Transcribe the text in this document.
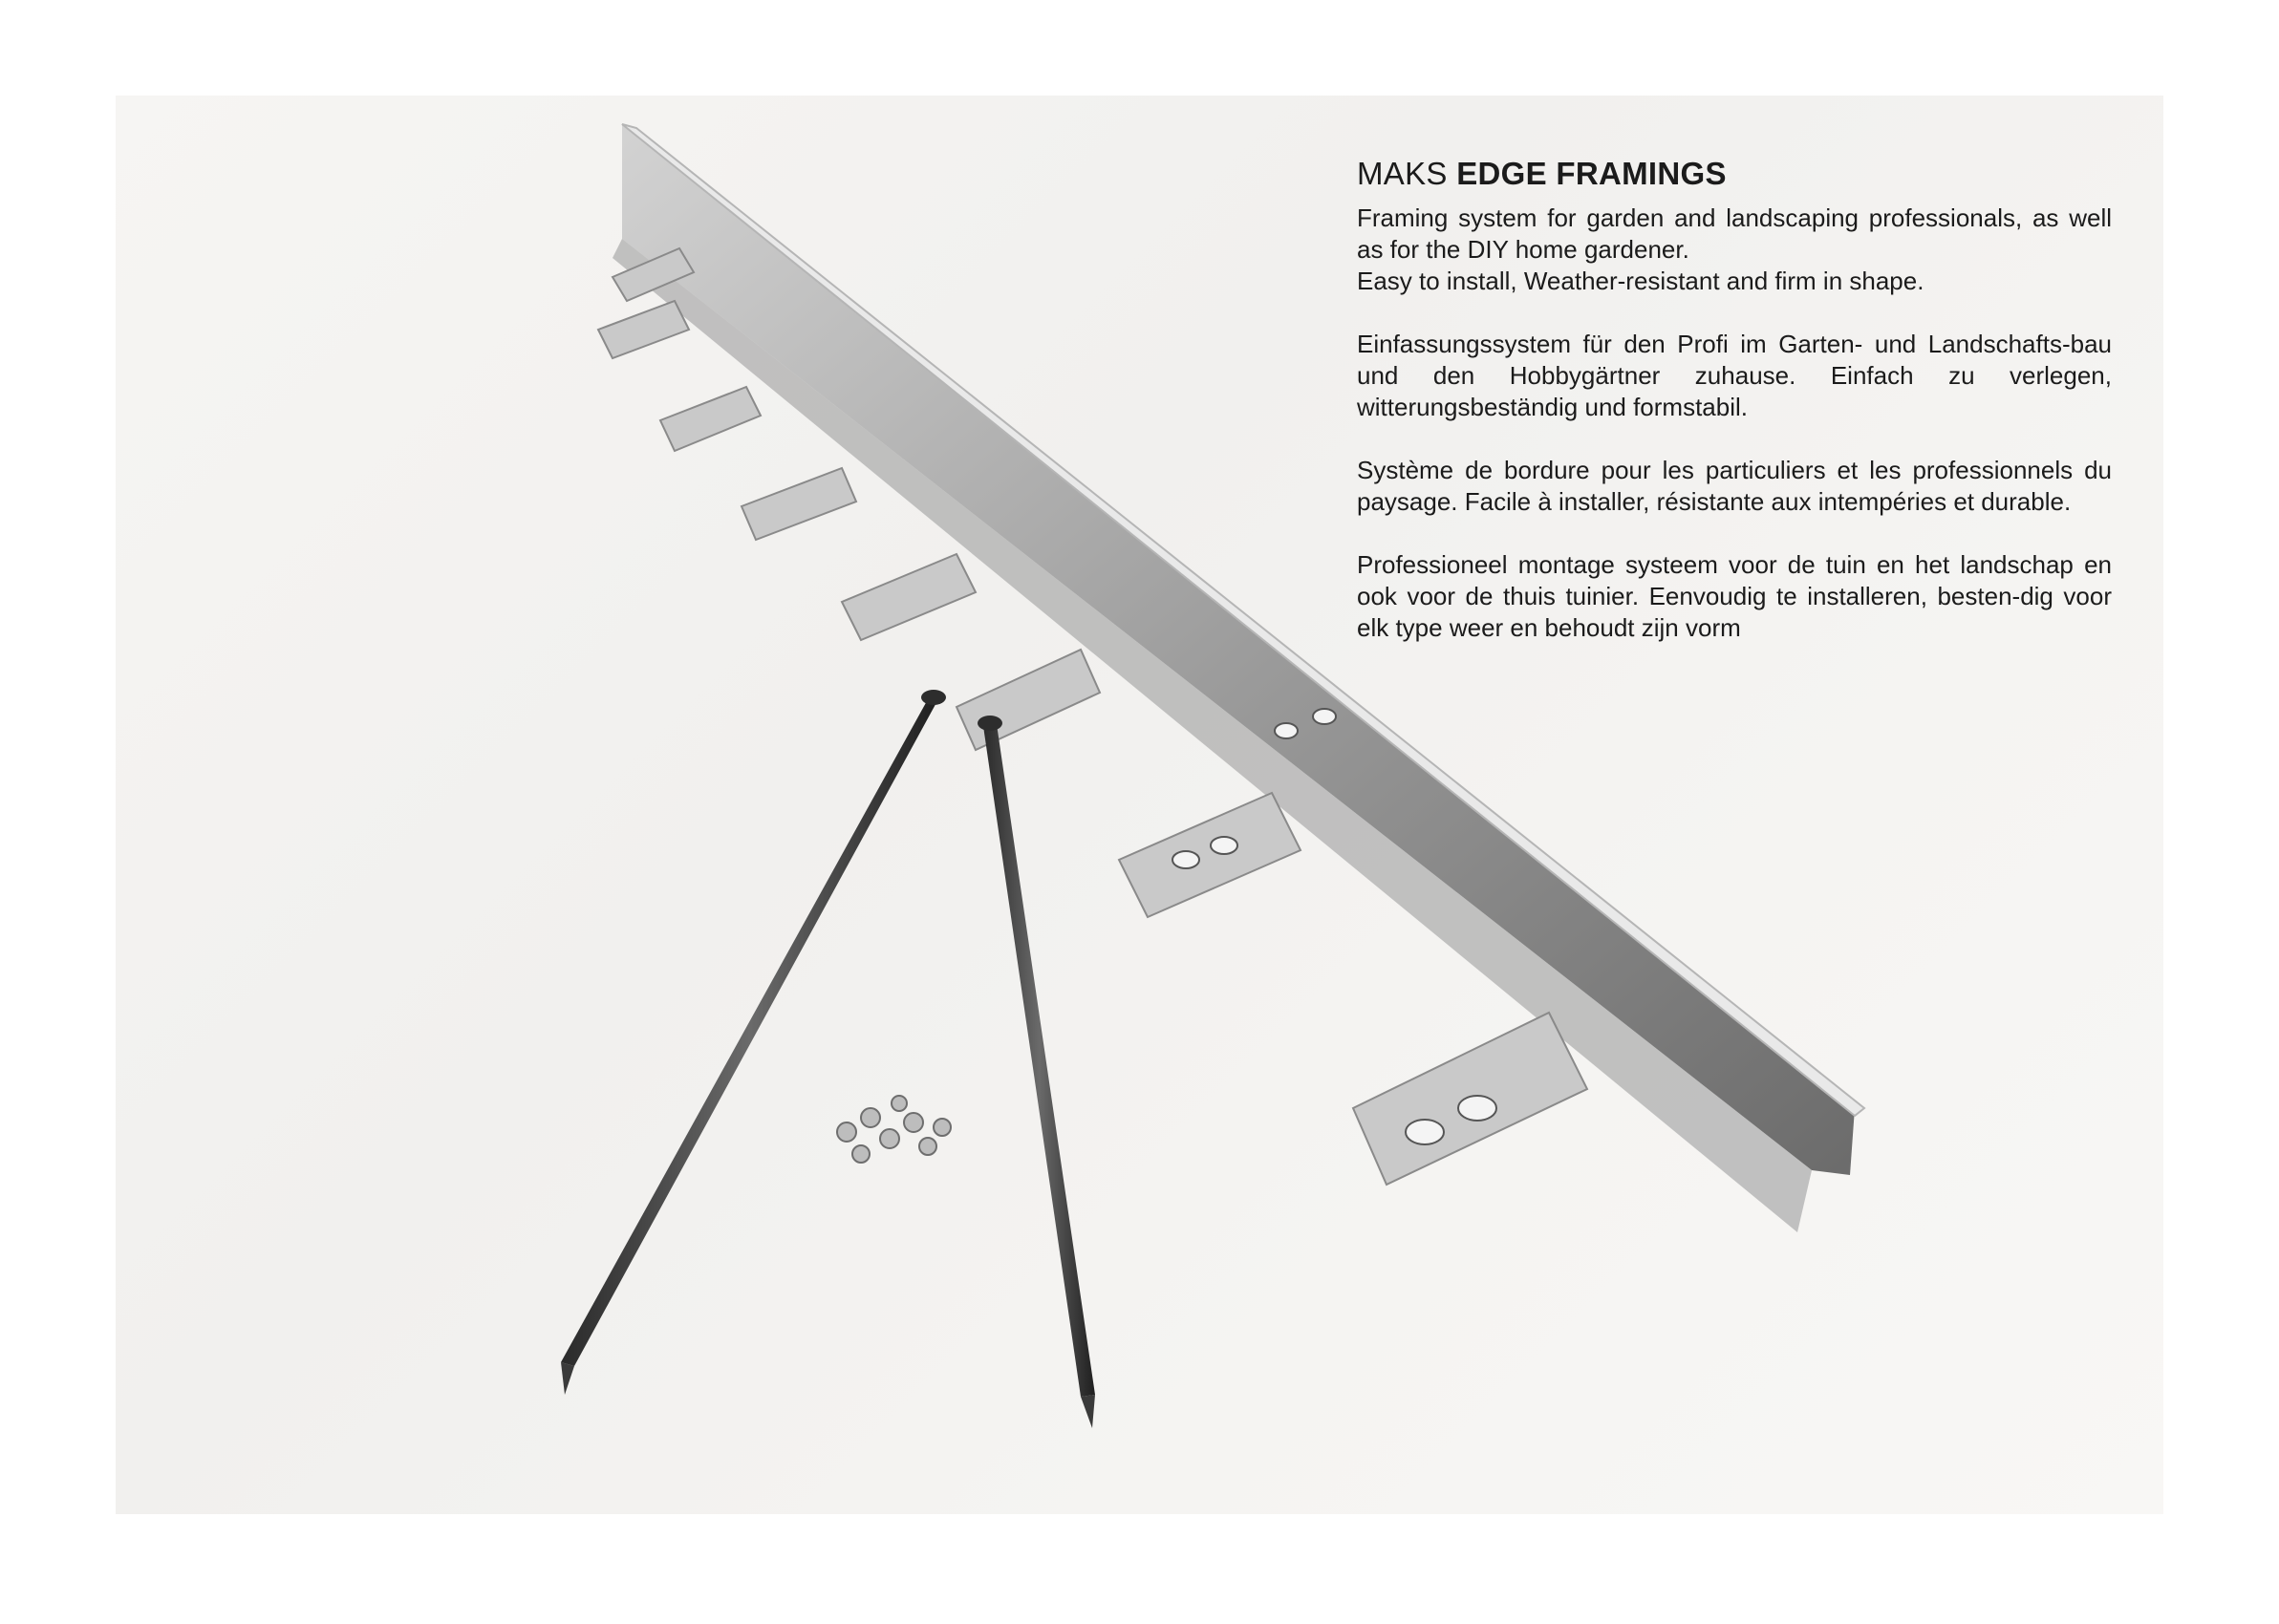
MAKS EDGE FRAMINGS

Framing system for garden and landscaping professionals, as well as for the DIY home gardener.
Easy to install, Weather-resistant and firm in shape.

Einfassungssystem für den Profi im Garten- und Landschafts-bau und den Hobbygärtner zuhause. Einfach zu verlegen, witterungsbeständig und formstabil.

Système de bordure pour les particuliers et les professionnels du paysage. Facile à installer, résistante aux intempéries et durable.

Professioneel montage systeem voor de tuin en het landschap en ook voor de thuis tuinier. Eenvoudig te installeren, besten-dig voor elk type weer en behoudt zijn vorm
